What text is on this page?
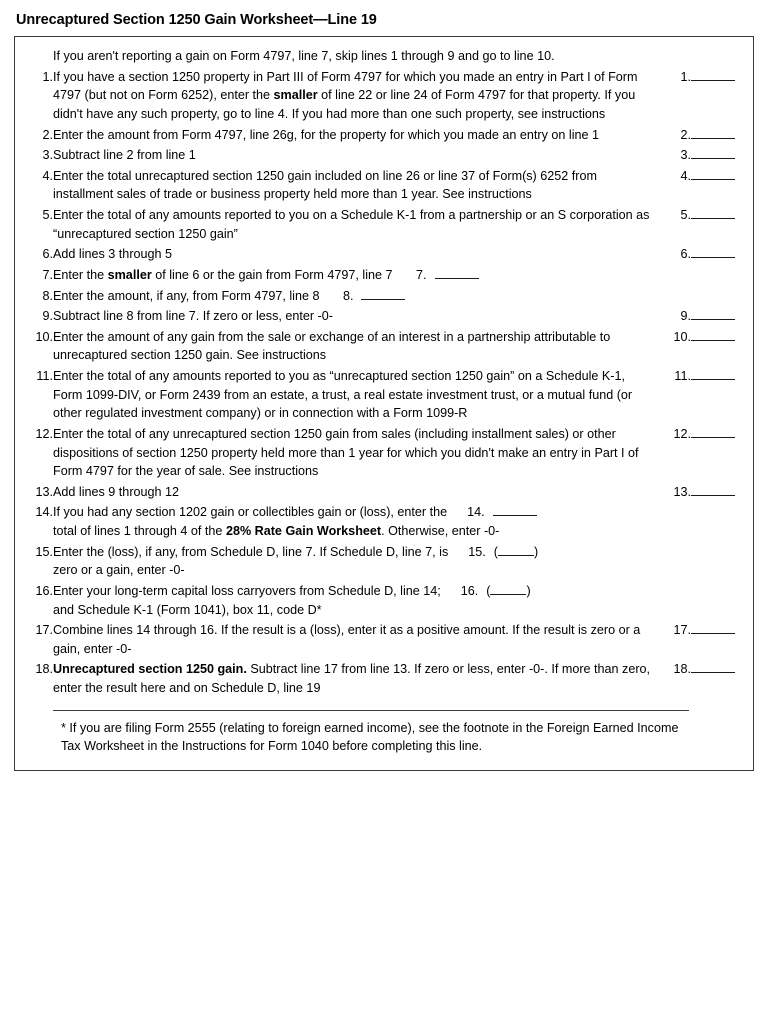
Unrecaptured Section 1250 Gain Worksheet—Line 19
	If you aren't reporting a gain on Form 4797, line 7, skip lines 1 through 9 and go to line 10.		
1.	If you have a section 1250 property in Part III of Form 4797 for which you made an entry in Part I of Form 4797 (but not on Form 6252), enter the smaller of line 22 or line 24 of Form 4797 for that property. If you didn't have any such property, go to line 4. If you had more than one such property, see instructions	1.	
2.	Enter the amount from Form 4797, line 26g, for the property for which you made an entry on line 1	2.	
3.	Subtract line 2 from line 1	3.	
4.	Enter the total unrecaptured section 1250 gain included on line 26 or line 37 of Form(s) 6252 from installment sales of trade or business property held more than 1 year. See instructions	4.	
5.	Enter the total of any amounts reported to you on a Schedule K-1 from a partnership or an S corporation as “unrecaptured section 1250 gain”	5.	
6.	Add lines 3 through 5	6.	
7.	Enter the smaller of line 6 or the gain from Form 4797, line 7 7.		
8.	Enter the amount, if any, from Form 4797, line 8 8.		
9.	Subtract line 8 from line 7. If zero or less, enter -0-	9.	
10.	Enter the amount of any gain from the sale or exchange of an interest in a partnership attributable to unrecaptured section 1250 gain. See instructions	10.	
11.	Enter the total of any amounts reported to you as “unrecaptured section 1250 gain” on a Schedule K-1, Form 1099-DIV, or Form 2439 from an estate, a trust, a real estate investment trust, or a mutual fund (or other regulated investment company) or in connection with a Form 1099-R	11.	
12.	Enter the total of any unrecaptured section 1250 gain from sales (including installment sales) or other dispositions of section 1250 property held more than 1 year for which you didn't make an entry in Part I of Form 4797 for the year of sale. See instructions	12.	
13.	Add lines 9 through 12	13.	
14.	If you had any section 1202 gain or collectibles gain or (loss), enter the 14.
total of lines 1 through 4 of the 28% Rate Gain Worksheet. Otherwise, enter -0-		
15.	Enter the (loss), if any, from Schedule D, line 7. If Schedule D, line 7, is 15. ( )
zero or a gain, enter -0-		
16.	Enter your long-term capital loss carryovers from Schedule D, line 14; 16. ( )
and Schedule K-1 (Form 1041), box 11, code D*		
17.	Combine lines 14 through 16. If the result is a (loss), enter it as a positive amount. If the result is zero or a gain, enter -0-	17.	
18.	Unrecaptured section 1250 gain. Subtract line 17 from line 13. If zero or less, enter -0-. If more than zero, enter the result here and on Schedule D, line 19	18.	
* If you are filing Form 2555 (relating to foreign earned income), see the footnote in the Foreign Earned Income Tax Worksheet in the Instructions for Form 1040 before completing this line.
